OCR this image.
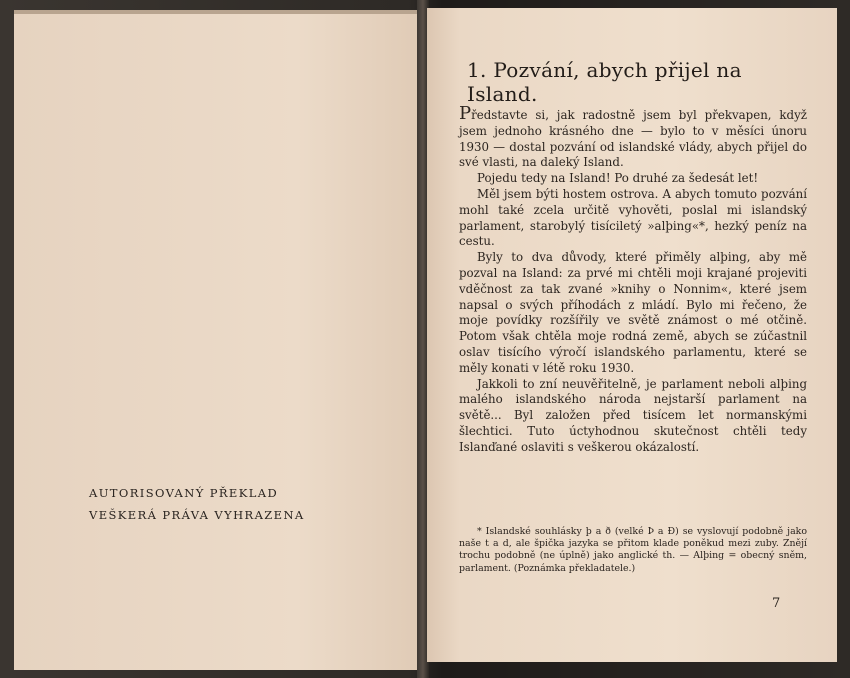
AUTORISOVANÝ PŘEKLAD
VEŠKERÁ PRÁVA VYHRAZENA
1. Pozvání, abych přijel na Island.

Představte si, jak radostně jsem byl překvapen, když jsem jednoho krásného dne — bylo to v měsíci únoru 1930 — dostal pozvání od islandské vlády, abych přijel do své vlasti, na daleký Island.

Pojedu tedy na Island! Po druhé za šedesát let!

Měl jsem býti hostem ostrova. A abych tomuto pozvání mohl také zcela určitě vyhověti, poslal mi islandský parlament, starobylý tisíciletý »alþing«*, hezký peníz na cestu.

Byly to dva důvody, které přiměly alþing, aby mě pozval na Island: za prvé mi chtěli moji krajané projeviti vděčnost za tak zvané »knihy o Nonnim«, které jsem napsal o svých příhodách z mládí. Bylo mi řečeno, že moje povídky rozšířily ve světě známost o mé otčině. Potom však chtěla moje rodná země, abych se zúčastnil oslav tisícího výročí islandského parlamentu, které se měly konati v létě roku 1930.

Jakkoli to zní neuvěřitelně, je parlament neboli alþing malého islandského národa nejstarší parlament na světě... Byl založen před tisícem let normanskými šlechtici. Tuto úctyhodnou skutečnost chtěli tedy Islanďané oslaviti s veškerou okázalostí.

* Islandské souhlásky þ a ð (velké Þ a Ð) se vyslovují podobně jako naše t a d, ale špička jazyka se přitom klade poněkud mezi zuby. Znějí trochu podobně (ne úplně) jako anglické th. — Alþing = obecný sněm, parlament. (Poznámka překladatele.)

7
